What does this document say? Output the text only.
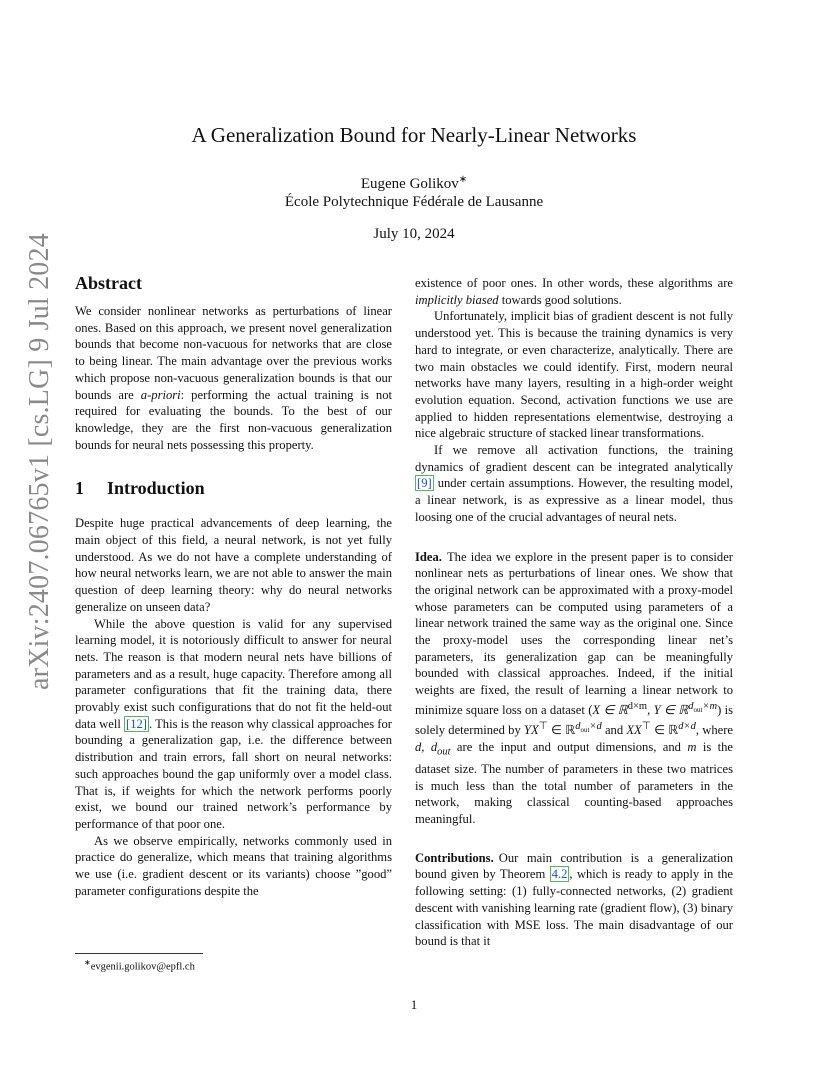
arXiv:2407.06765v1 [cs.LG] 9 Jul 2024
A Generalization Bound for Nearly-Linear Networks
Eugene Golikov∗
École Polytechnique Fédérale de Lausanne
July 10, 2024
Abstract

We consider nonlinear networks as perturbations of linear ones. Based on this approach, we present novel generalization bounds that become non-vacuous for networks that are close to being linear. The main advantage over the previous works which propose non-vacuous generalization bounds is that our bounds are a-priori: performing the actual training is not required for evaluating the bounds. To the best of our knowledge, they are the first non-vacuous generalization bounds for neural nets possessing this property.

1 Introduction

Despite huge practical advancements of deep learning, the main object of this field, a neural network, is not yet fully understood. As we do not have a complete understanding of how neural networks learn, we are not able to answer the main question of deep learning theory: why do neural networks generalize on unseen data?

While the above question is valid for any supervised learning model, it is notoriously difficult to answer for neural nets. The reason is that modern neural nets have billions of parameters and as a result, huge capacity. Therefore among all parameter configurations that fit the training data, there provably exist such configurations that do not fit the held-out data well [12] . This is the reason why classical approaches for bounding a generalization gap, i.e. the difference between distribution and train errors, fall short on neural networks: such approaches bound the gap uniformly over a model class. That is, if weights for which the network performs poorly exist, we bound our trained network’s performance by performance of that poor one.

As we observe empirically, networks commonly used in practice do generalize, which means that training algorithms we use (i.e. gradient descent or its variants) choose ”good” parameter configurations despite the

existence of poor ones. In other words, these algorithms are implicitly biased towards good solutions.

Unfortunately, implicit bias of gradient descent is not fully understood yet. This is because the training dynamics is very hard to integrate, or even characterize, analytically. There are two main obstacles we could identify. First, modern neural networks have many layers, resulting in a high-order weight evolution equation. Second, activation functions we use are applied to hidden representations elementwise, destroying a nice algebraic structure of stacked linear transformations.

If we remove all activation functions, the training dynamics of gradient descent can be integrated analytically [9] under certain assumptions. However, the resulting model, a linear network, is as expressive as a linear model, thus loosing one of the crucial advantages of neural nets.

Idea. The idea we explore in the present paper is to consider nonlinear nets as perturbations of linear ones. We show that the original network can be approximated with a proxy-model whose parameters can be computed using parameters of a linear network trained the same way as the original one. Since the proxy-model uses the corresponding linear net’s parameters, its generalization gap can be meaningfully bounded with classical approaches. Indeed, if the initial weights are fixed, the result of learning a linear network to minimize square loss on a dataset (X ∈ ℝ$^{d\times m}$, Y ∈ ℝ$^{d_{out}\times m}$) is solely determined by YX⊤ ∈ ℝ$^{d_{out}\times d}$ and XX⊤ ∈ ℝ$^{d\times d}$, where d, $d_{out}$ are the input and output dimensions, and m is the dataset size. The number of parameters in these two matrices is much less than the total number of parameters in the network, making classical counting-based approaches meaningful.

Contributions. Our main contribution is a generalization bound given by Theorem 4.2 , which is ready to apply in the following setting: (1) fully-connected networks, (2) gradient descent with vanishing learning rate (gradient flow), (3) binary classification with MSE loss. The main disadvantage of our bound is that it

∗evgenii.golikov@epfl.ch
1
